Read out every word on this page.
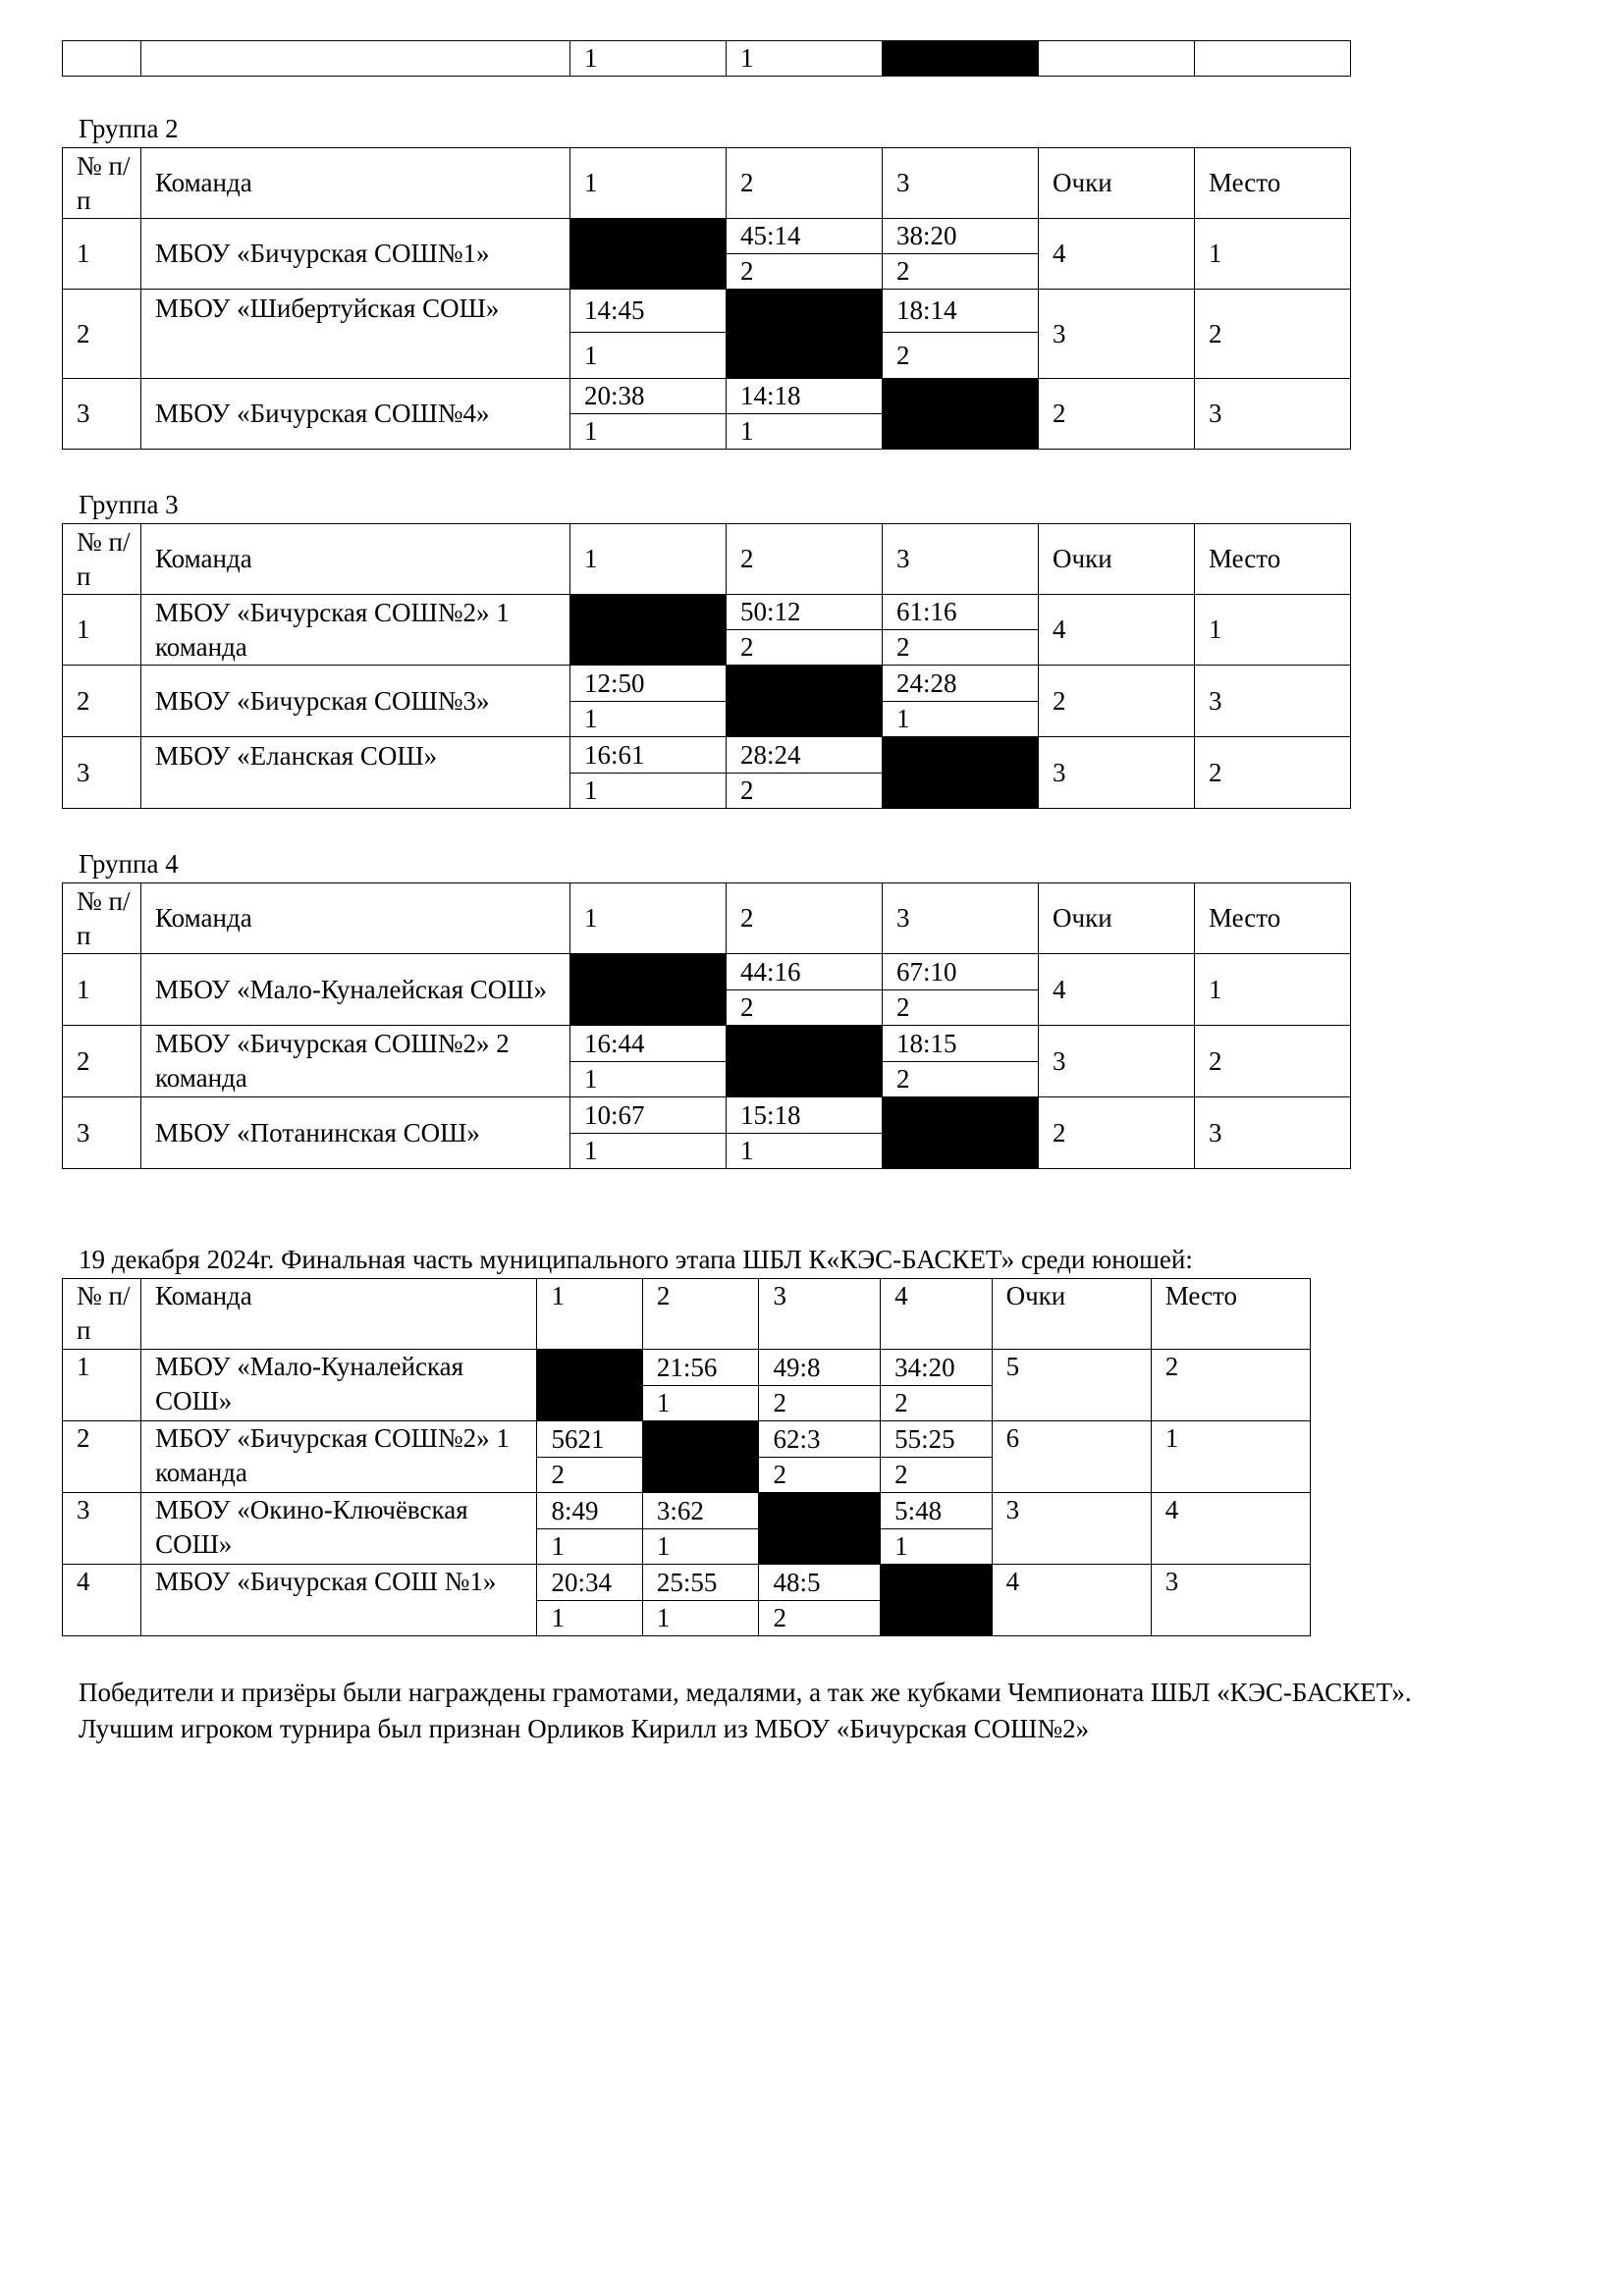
		1	1			
Группа 2
№ п/п	Команда	1	2	3	Очки	Место
1	МБОУ «Бичурская СОШ№1»		45:14	38:20	4	1
			2	2		
2	МБОУ «Шибертуйская СОШ»	14:45		18:14	3	2
		1		2		
3	МБОУ «Бичурская СОШ№4»	20:38	14:18		2	3
		1	1			
Группа 3
№ п/п	Команда	1	2	3	Очки	Место
1	МБОУ «Бичурская СОШ№2» 1 команда		50:12	61:16	4	1
			2	2		
2	МБОУ «Бичурская СОШ№3»	12:50		24:28	2	3
		1		1		
3	МБОУ «Еланская СОШ»	16:61	28:24		3	2
		1	2			
Группа 4
№ п/п	Команда	1	2	3	Очки	Место
1	МБОУ «Мало-Куналейская СОШ»		44:16	67:10	4	1
			2	2		
2	МБОУ «Бичурская СОШ№2» 2 команда	16:44		18:15	3	2
		1		2		
3	МБОУ «Потанинская СОШ»	10:67	15:18		2	3
		1	1			
19 декабря 2024г. Финальная часть муниципального этапа ШБЛ К«КЭС-БАСКЕТ» среди юношей:
№ п/п	Команда	1	2	3	4	Очки	Место
1	МБОУ «Мало-Куналейская СОШ»		21:56	49:8	34:20	5	2
			1	2	2		
2	МБОУ «Бичурская СОШ№2» 1 команда	5621		62:3	55:25	6	1
		2		2	2		
3	МБОУ «Окино-Ключёвская СОШ»	8:49	3:62		5:48	3	4
		1	1		1		
4	МБОУ «Бичурская СОШ №1»	20:34	25:55	48:5		4	3
		1	1	2			
Победители и призёры были награждены грамотами, медалями, а так же кубками Чемпионата ШБЛ «КЭС-БАСКЕТ». Лучшим игроком турнира был признан Орликов Кирилл из МБОУ «Бичурская СОШ№2»
